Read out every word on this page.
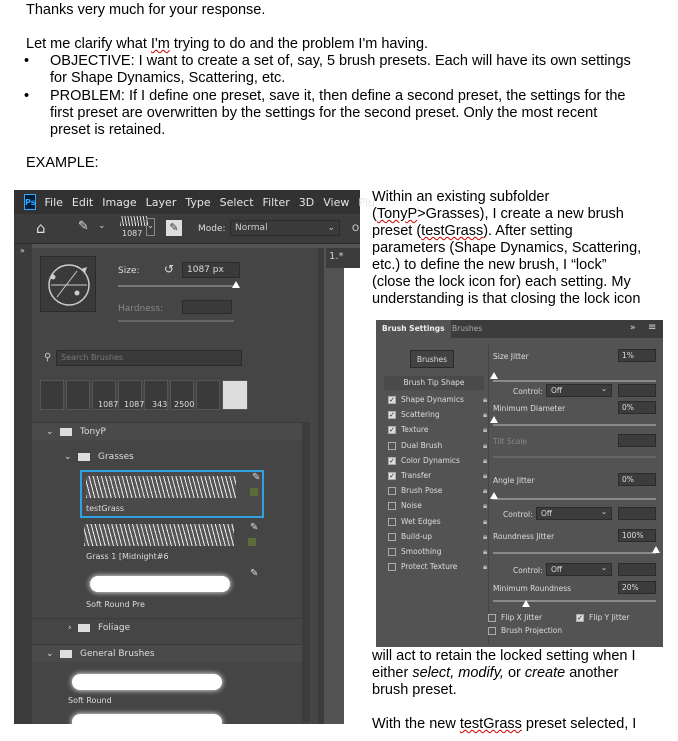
Thanks very much for your response.
Let me clarify what I'm trying to do and the problem I'm having.
• OBJECTIVE: I want to create a set of, say, 5 brush presets. Each will have its own settings
for Shape Dynamics, Scattering, etc.
• PROBLEM: If I define one preset, save it, then define a second preset, the settings for the
first preset are overwritten by the settings for the second preset. Only the most recent
preset is retained.
EXAMPLE:
Ps File Edit Image Layer Type Select Filter 3D View Plu
⌂ ✎ ⌄
1087
⌄	✎	Mode:	Normal	⌄ O
»
1.*
Size: ↺	1087 px
Hardness:
⚲	Search Brushes
1087 1087 343 2500	265
⌄	TonyP
⌄	Grasses
✎
testGrass
✎
Grass 1 [Midnight#6
✎
Soft Round Pre
›	Foliage
⌄	General Brushes
Soft Round
Within an existing subfolder
(TonyP>Grasses), I create a new brush
preset (testGrass). After setting
parameters (Shape Dynamics, Scattering,
etc.) to define the new brush, I “lock”
(close the lock icon for) each setting. My
understanding is that closing the lock icon
Brush Settings Brushes	» ≡
Brushes
Brush Tip Shape
✓ Shape Dynamics 🔒︎
✓ Scattering	🔒︎
✓ Texture	🔒︎
Dual Brush	🔒︎
✓ Color Dynamics	🔒︎
✓ Transfer	🔒︎
Brush Pose	🔒︎
Noise	🔒︎
Wet Edges	🔒︎
Build-up	🔒︎
Smoothing	🔒︎
Protect Texture	🔒︎
Size Jitter	1%
Control:	Off ⌄
Minimum Diameter	0%
Tilt Scale
Angle Jitter	0%
Control:	Off ⌄
Roundness Jitter	100%
Control:	Off ⌄
Minimum Roundness	20%
Flip X Jitter	✓ Flip Y Jitter
Brush Projection
will act to retain the locked setting when I
either select, modify, or create another
brush preset.
With the new testGrass preset selected, I
